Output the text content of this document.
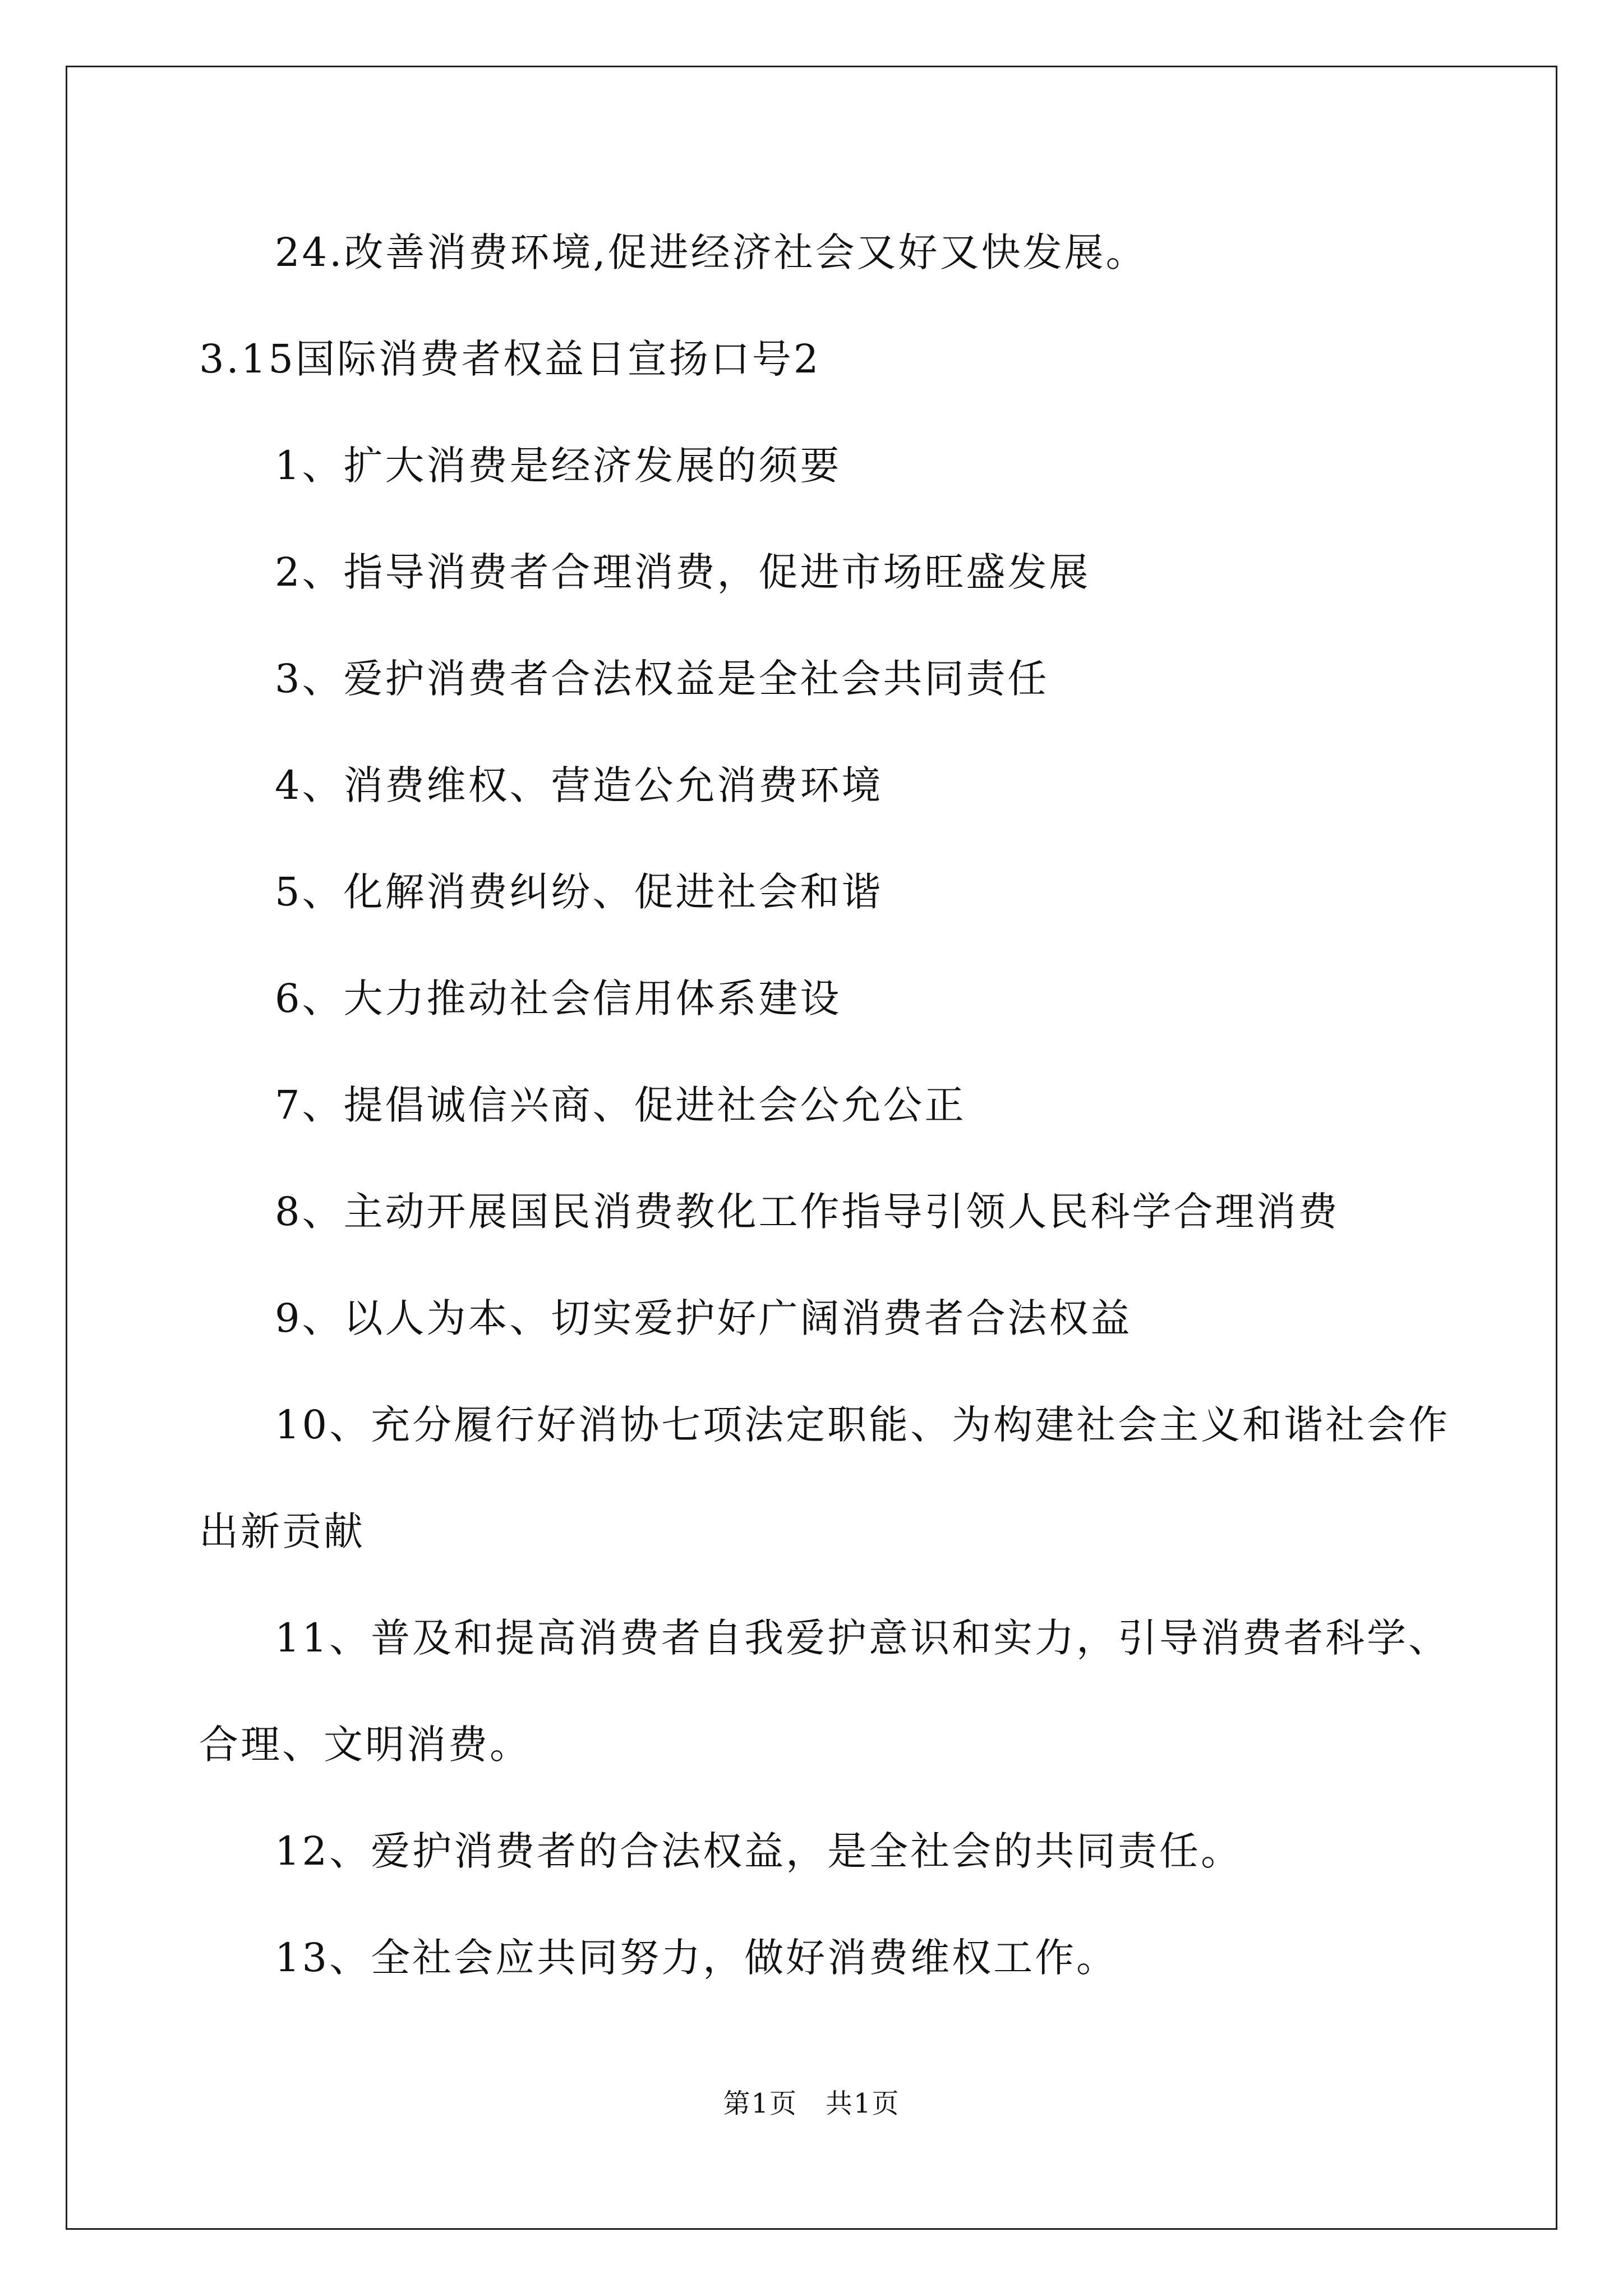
24.改善消费环境,促进经济社会又好又快发展。
3.15国际消费者权益日宣扬口号2
1、扩大消费是经济发展的须要
2、指导消费者合理消费，促进市场旺盛发展
3、爱护消费者合法权益是全社会共同责任
4、消费维权、营造公允消费环境
5、化解消费纠纷、促进社会和谐
6、大力推动社会信用体系建设
7、提倡诚信兴商、促进社会公允公正
8、主动开展国民消费教化工作指导引领人民科学合理消费
9、以人为本、切实爱护好广阔消费者合法权益
10、充分履行好消协七项法定职能、为构建社会主义和谐社会作
出新贡献
11、普及和提高消费者自我爱护意识和实力，引导消费者科学、
合理、文明消费。
12、爱护消费者的合法权益，是全社会的共同责任。
13、全社会应共同努力，做好消费维权工作。
第1页　共1页
